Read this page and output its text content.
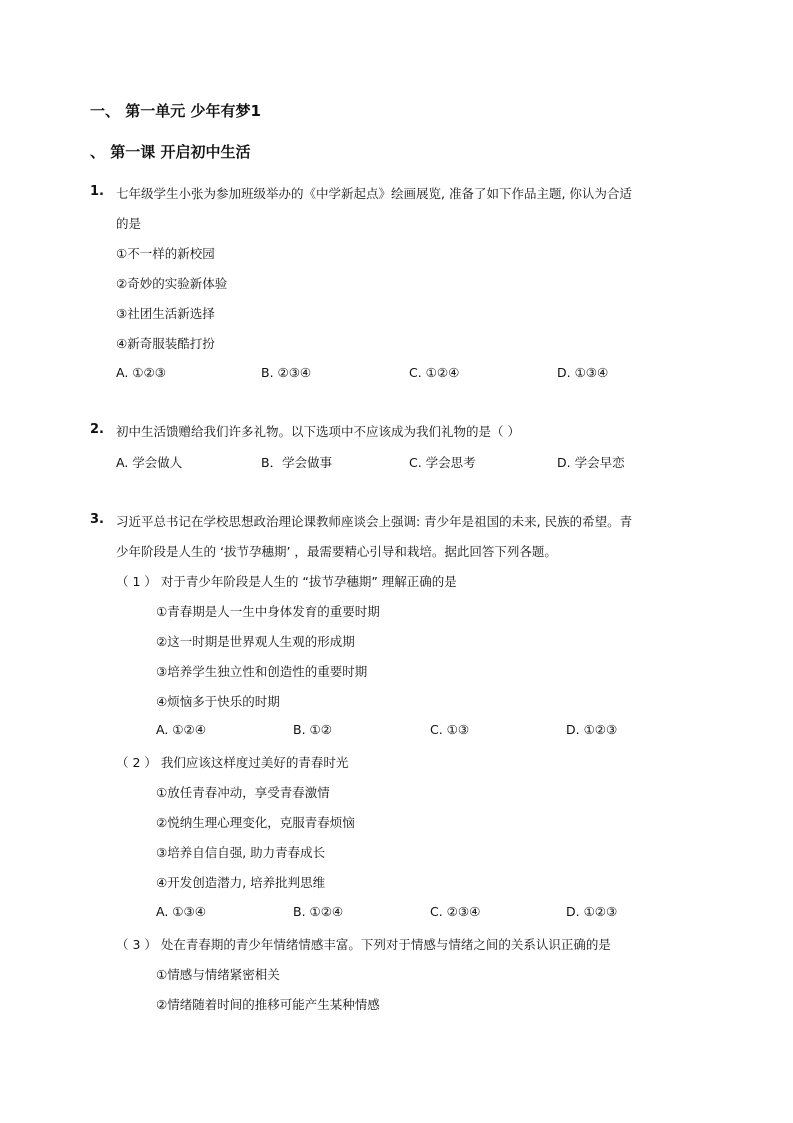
一、 第一单元 少年有梦1
、 第一课 开启初中生活
1. 七年级学生小张为参加班级举办的《中学新起点》绘画展览, 准备了如下作品主题, 你认为合适
的是
①不一样的新校园
②奇妙的实验新体验
③社团生活新选择
④新奇服装酷打扮
A. ①②③	B. ②③④	C. ①②④	D. ①③④
2. 初中生活馈赠给我们许多礼物。以下选项中不应该成为我们礼物的是（ ）
A. 学会做人	B．学会做事	C. 学会思考	D. 学会早恋
3. 习近平总书记在学校思想政治理论课教师座谈会上强调: 青少年是祖国的未来, 民族的希望。青
少年阶段是人生的 ‘拔节孕穗期’ ，最需要精心引导和栽培。据此回答下列各题。
（ 1 ） 对于青少年阶段是人生的 “拔节孕穗期” 理解正确的是
①青春期是人一生中身体发育的重要时期
②这一时期是世界观人生观的形成期
③培养学生独立性和创造性的重要时期
④烦恼多于快乐的时期
A. ①②④	B. ①②	C. ①③	D. ①②③
（ 2 ） 我们应该这样度过美好的青春时光
①放任青春冲动，享受青春激情
②悦纳生理心理变化，克服青春烦恼
③培养自信自强, 助力青春成长
④开发创造潜力, 培养批判思维
A. ①③④	B. ①②④	C. ②③④	D. ①②③
（ 3 ） 处在青春期的青少年情绪情感丰富。下列对于情感与情绪之间的关系认识正确的是
①情感与情绪紧密相关
②情绪随着时间的推移可能产生某种情感
